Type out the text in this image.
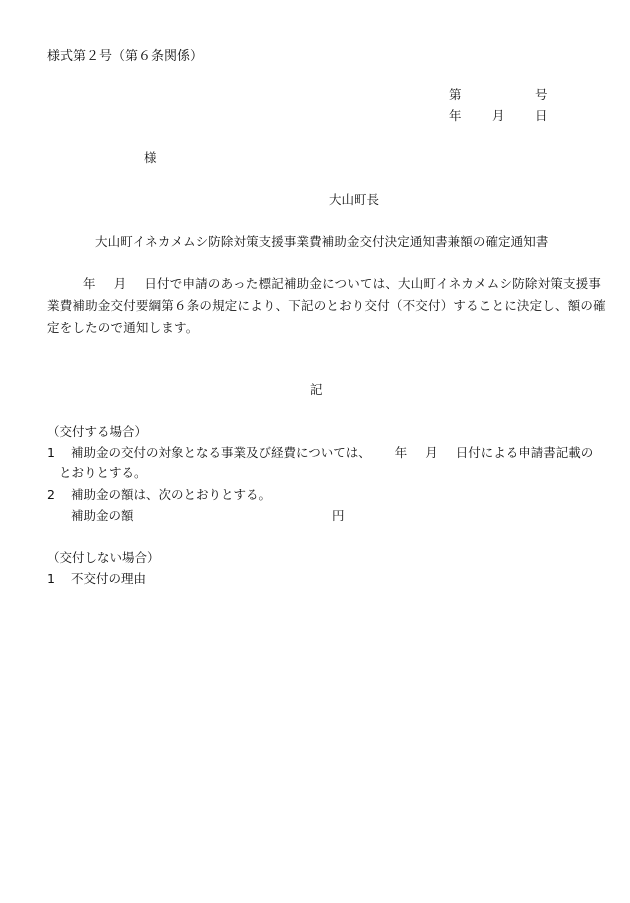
様式第２号（第６条関係）
第	号
年 月 日
様
大山町長
大山町イネカメムシ防除対策支援事業費補助金交付決定通知書兼額の確定通知書
年 月 日付で申請のあった標記補助金については、大山町イネカメムシ防除対策支援事
業費補助金交付要綱第６条の規定により、下記のとおり交付（不交付）することに決定し、額の確
定をしたので通知します。
記
（交付する場合）
1 補助金の交付の対象となる事業及び経費については、 年 月 日付による申請書記載の
とおりとする。
2 補助金の額は、次のとおりとする。
補助金の額	円
（交付しない場合）
1 不交付の理由
